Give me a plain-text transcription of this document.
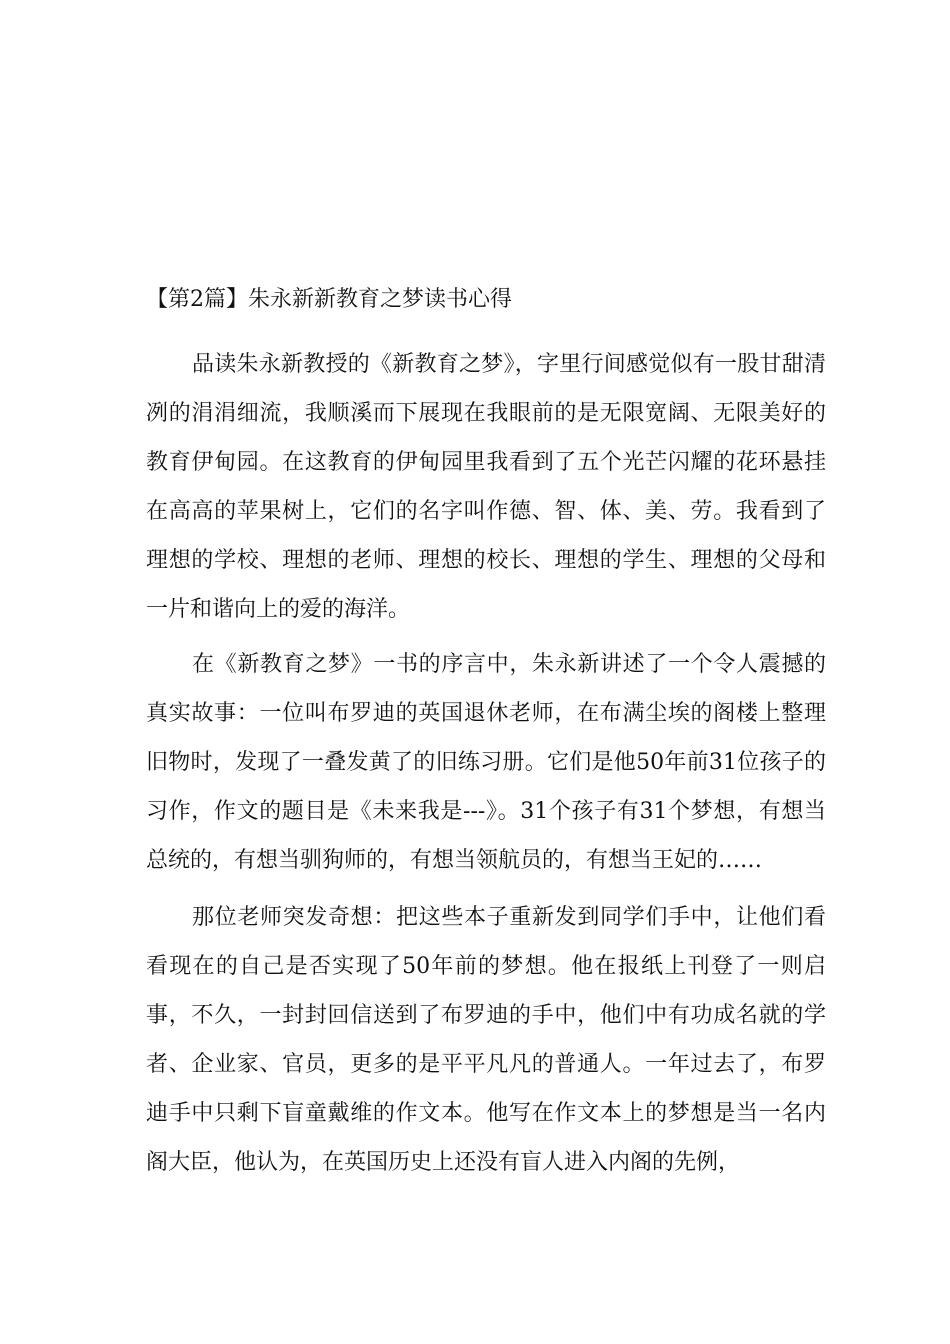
【第2篇】朱永新新教育之梦读书心得

品读朱永新教授的《新教育之梦》，字里行间感觉似有一股甘甜清冽的涓涓细流，我顺溪而下展现在我眼前的是无限宽阔、无限美好的教育伊甸园。在这教育的伊甸园里我看到了五个光芒闪耀的花环悬挂在高高的苹果树上，它们的名字叫作德、智、体、美、劳。我看到了理想的学校、理想的老师、理想的校长、理想的学生、理想的父母和一片和谐向上的爱的海洋。

在《新教育之梦》一书的序言中，朱永新讲述了一个令人震撼的真实故事：一位叫布罗迪的英国退休老师，在布满尘埃的阁楼上整理旧物时，发现了一叠发黄了的旧练习册。它们是他50年前31位孩子的习作，作文的题目是《未来我是---》。31个孩子有31个梦想，有想当总统的，有想当驯狗师的，有想当领航员的，有想当王妃的……

那位老师突发奇想：把这些本子重新发到同学们手中，让他们看看现在的自己是否实现了50年前的梦想。他在报纸上刊登了一则启事，不久，一封封回信送到了布罗迪的手中，他们中有功成名就的学者、企业家、官员，更多的是平平凡凡的普通人。一年过去了，布罗迪手中只剩下盲童戴维的作文本。他写在作文本上的梦想是当一名内阁大臣，他认为，在英国历史上还没有盲人进入内阁的先例，
